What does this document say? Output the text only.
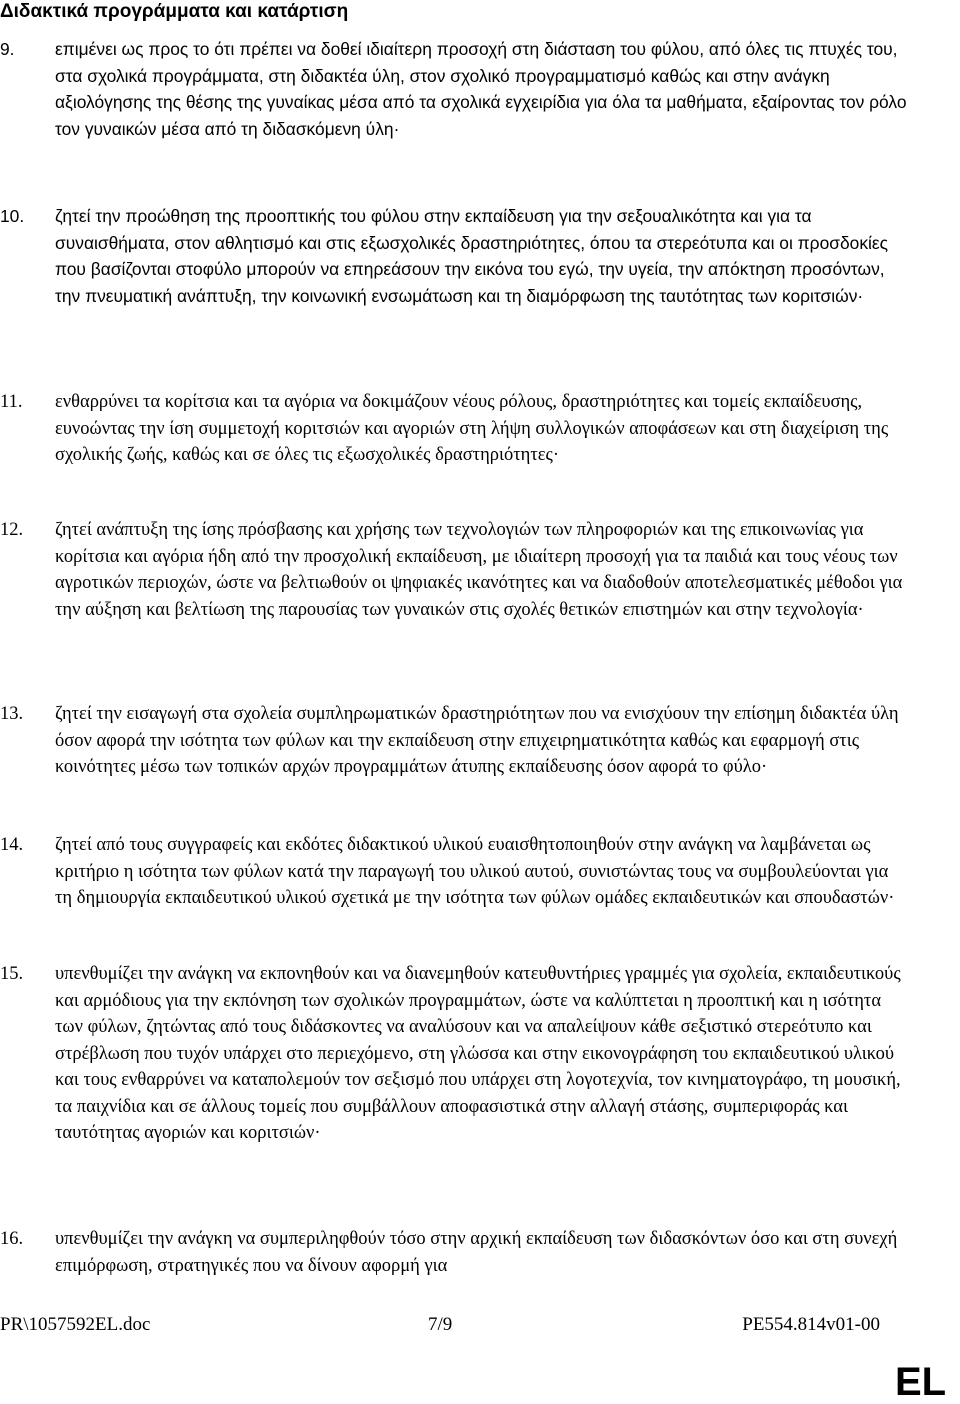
Διδακτικά προγράμματα και κατάρτιση
9. επιμένει ως προς το ότι πρέπει να δοθεί ιδιαίτερη προσοχή στη διάσταση του φύλου, από όλες τις πτυχές του, στα σχολικά προγράμματα, στη διδακτέα ύλη, στον σχολικό προγραμματισμό καθώς και στην ανάγκη αξιολόγησης της θέσης της γυναίκας μέσα από τα σχολικά εγχειρίδια για όλα τα μαθήματα, εξαίροντας τον ρόλο τον γυναικών μέσα από τη διδασκόμενη ύλη·
10. ζητεί την προώθηση της προοπτικής του φύλου στην εκπαίδευση για την σεξουαλικότητα και για τα συναισθήματα, στον αθλητισμό και στις εξωσχολικές δραστηριότητες, όπου τα στερεότυπα και οι προσδοκίες που βασίζονται στοφύλο μπορούν να επηρεάσουν την εικόνα του εγώ, την υγεία, την απόκτηση προσόντων, την πνευματική ανάπτυξη, την κοινωνική ενσωμάτωση και τη διαμόρφωση της ταυτότητας των κοριτσιών·
11. ενθαρρύνει τα κορίτσια και τα αγόρια να δοκιμάζουν νέους ρόλους, δραστηριότητες και τομείς εκπαίδευσης, ευνοώντας την ίση συμμετοχή κοριτσιών και αγοριών στη λήψη συλλογικών αποφάσεων και στη διαχείριση της σχολικής ζωής, καθώς και σε όλες τις εξωσχολικές δραστηριότητες·
12. ζητεί ανάπτυξη της ίσης πρόσβασης και χρήσης των τεχνολογιών των πληροφοριών και της επικοινωνίας για κορίτσια και αγόρια ήδη από την προσχολική εκπαίδευση, με ιδιαίτερη προσοχή για τα παιδιά και τους νέους των αγροτικών περιοχών, ώστε να βελτιωθούν οι ψηφιακές ικανότητες και να διαδοθούν αποτελεσματικές μέθοδοι για την αύξηση και βελτίωση της παρουσίας των γυναικών στις σχολές θετικών επιστημών και στην τεχνολογία·
13. ζητεί την εισαγωγή στα σχολεία συμπληρωματικών δραστηριότητων που να ενισχύουν την επίσημη διδακτέα ύλη όσον αφορά την ισότητα των φύλων και την εκπαίδευση στην επιχειρηματικότητα καθώς και εφαρμογή στις κοινότητες μέσω των τοπικών αρχών προγραμμάτων άτυπης εκπαίδευσης όσον αφορά το φύλο·
14. ζητεί από τους συγγραφείς και εκδότες διδακτικού υλικού ευαισθητοποιηθούν στην ανάγκη να λαμβάνεται ως κριτήριο η ισότητα των φύλων κατά την παραγωγή του υλικού αυτού, συνιστώντας τους να συμβουλεύονται για τη δημιουργία εκπαιδευτικού υλικού σχετικά με την ισότητα των φύλων ομάδες εκπαιδευτικών και σπουδαστών·
15. υπενθυμίζει την ανάγκη να εκπονηθούν και να διανεμηθούν κατευθυντήριες γραμμές για σχολεία, εκπαιδευτικούς και αρμόδιους για την εκπόνηση των σχολικών προγραμμάτων, ώστε να καλύπτεται η προοπτική και η ισότητα των φύλων, ζητώντας από τους διδάσκοντες να αναλύσουν και να απαλείψουν κάθε σεξιστικό στερεότυπο και στρέβλωση που τυχόν υπάρχει στο περιεχόμενο, στη γλώσσα και στην εικονογράφηση του εκπαιδευτικού υλικού και τους ενθαρρύνει να καταπολεμούν τον σεξισμό που υπάρχει στη λογοτεχνία, τον κινηματογράφο, τη μουσική, τα παιχνίδια και σε άλλους τομείς που συμβάλλουν αποφασιστικά στην αλλαγή στάσης, συμπεριφοράς και ταυτότητας αγοριών και κοριτσιών·
16. υπενθυμίζει την ανάγκη να συμπεριληφθούν τόσο στην αρχική εκπαίδευση των διδασκόντων όσο και στη συνεχή επιμόρφωση, στρατηγικές που να δίνουν αφορμή για
PR\1057592EL.doc	7/9	PE554.814v01-00
EL
